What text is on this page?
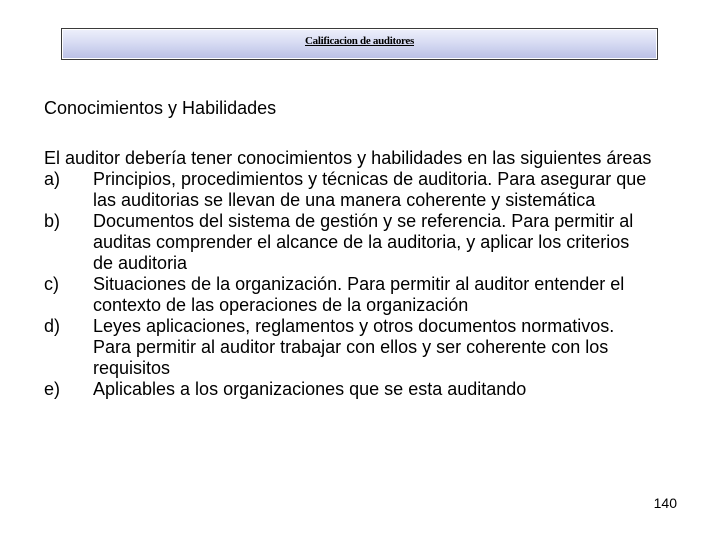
Calificacion de auditores
Conocimientos y Habilidades
El auditor debería tener conocimientos y habilidades en las siguientes áreas
a)	Principios, procedimientos y técnicas de auditoria. Para asegurar que las auditorias se llevan de una manera coherente y sistemática
b)	Documentos del sistema de gestión y se referencia. Para permitir al auditas comprender el alcance de la auditoria, y aplicar los criterios de auditoria
c)	Situaciones de la organización. Para permitir al auditor entender el contexto de las operaciones de la organización
d)	Leyes aplicaciones, reglamentos y otros documentos normativos. Para permitir al auditor trabajar con ellos y ser coherente con los requisitos
e)	Aplicables a los organizaciones que se esta auditando
140
